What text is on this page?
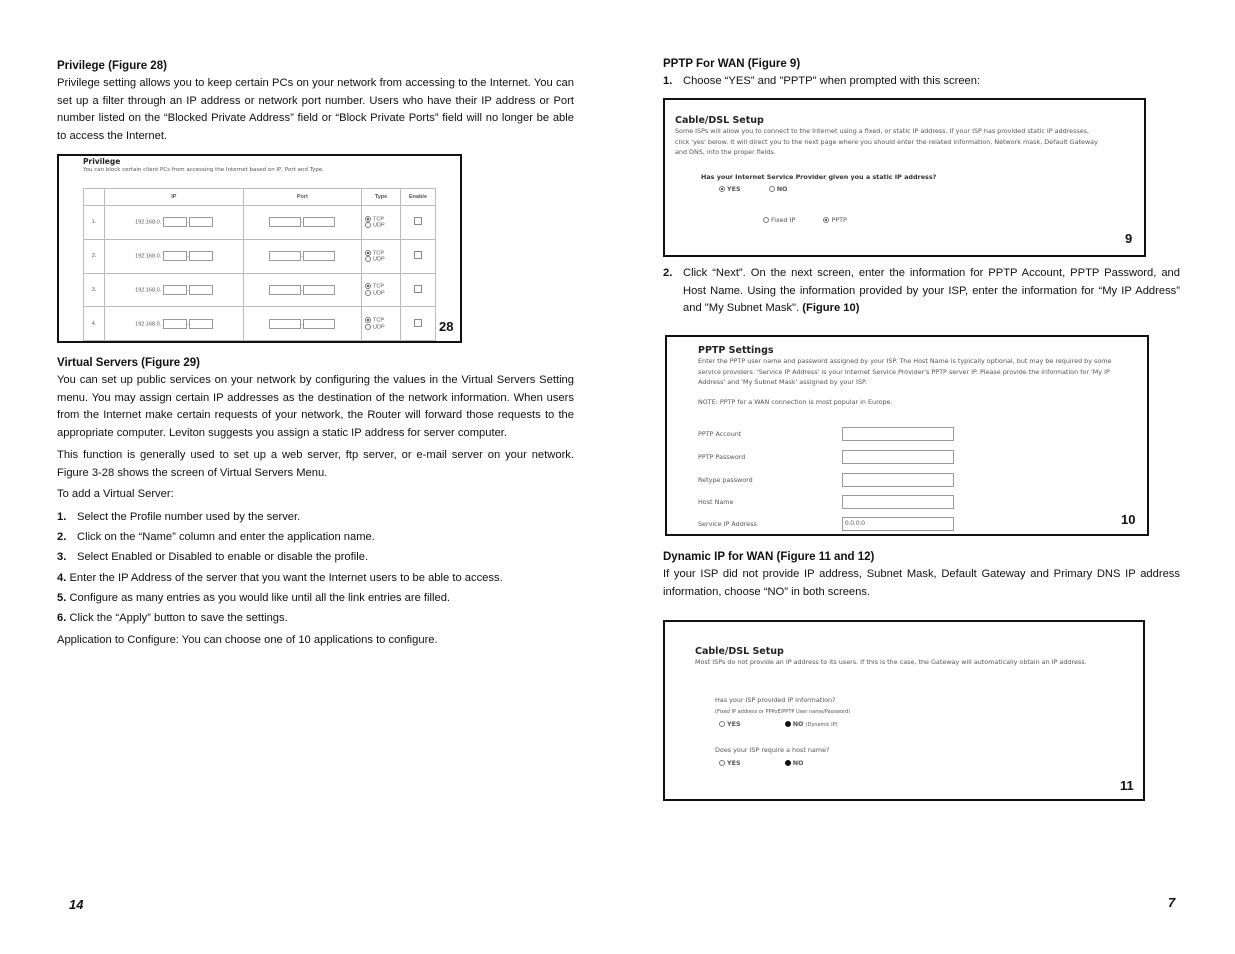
Privilege (Figure 28)

Privilege setting allows you to keep certain PCs on your network from accessing to the Internet. You can set up a filter through an IP address or network port number. Users who have their IP address or Port number listed on the “Blocked Private Address” field or “Block Private Ports” field will no longer be able to access the Internet.

Privilege
You can block certain client PCs from accessing the Internet based on IP, Port and Type.
	IP	Port	Type	Enable
1.	192.168.0. -	-	TCP
UDP	
2.	192.168.0. -	-	TCP
UDP	
3.	192.168.0. -	-	TCP
UDP	
4.	192.168.0. -	-	TCP
UDP		28
Virtual Servers (Figure 29)

You can set up public services on your network by configuring the values in the Virtual Servers Setting menu. You may assign certain IP addresses as the destination of the network information. When users from the Internet make certain requests of your network, the Router will forward those requests to the appropriate computer. Leviton suggests you assign a static IP address for server computer.

This function is generally used to set up a web server, ftp server, or e-mail server on your network. Figure 3-28 shows the screen of Virtual Servers Menu.

To add a Virtual Server:

1. Select the Profile number used by the server.
2. Click on the “Name” column and enter the application name.
3. Select Enabled or Disabled to enable or disable the profile.
4. Enter the IP Address of the server that you want the Internet users to be able to access.
5. Configure as many entries as you would like until all the link entries are filled.
6. Click the “Apply” button to save the settings.

Application to Configure: You can choose one of 10 applications to configure.

14
PPTP For WAN (Figure 9)

1. Choose “YES” and "PPTP" when prompted with this screen:

Cable/DSL Setup
Some ISPs will allow you to connect to the Internet using a fixed, or static IP address. If your ISP has provided static IP addresses, click 'yes' below. It will direct you to the next page where you should enter the related information, Network mask, Default Gateway and DNS, into the proper fields.
Has your Internet Service Provider given you a static IP address?
YES	NO
Fixed IP	PPTP
9

2. Click “Next”. On the next screen, enter the information for PPTP Account, PPTP Password, and Host Name. Using the information provided by your ISP, enter the information for “My IP Address” and "My Subnet Mask". (Figure 10)

PPTP Settings
Enter the PPTP user name and password assigned by your ISP. The Host Name is typically optional, but may be required by some service providers. 'Service IP Address' is your Internet Service Provider's PPTP server IP. Please provide the information for 'My IP Address' and 'My Subnet Mask' assigned by your ISP.
NOTE: PPTP for a WAN connection is most popular in Europe.
PPTP Account
PPTP Password
Retype password
Host Name
Service IP Address	0.0.0.0	10
Dynamic IP for WAN (Figure 11 and 12)

If your ISP did not provide IP address, Subnet Mask, Default Gateway and Primary DNS IP address information, choose “NO” in both screens.

Cable/DSL Setup
Most ISPs do not provide an IP address to its users. If this is the case, the Gateway will automatically obtain an IP address.
Has your ISP provided IP information?
(Fixed IP address or PPPoE/PPTP User name/Password)
YES	NO (Dynamic IP)
Does your ISP require a host name?
YES	NO
11
7
